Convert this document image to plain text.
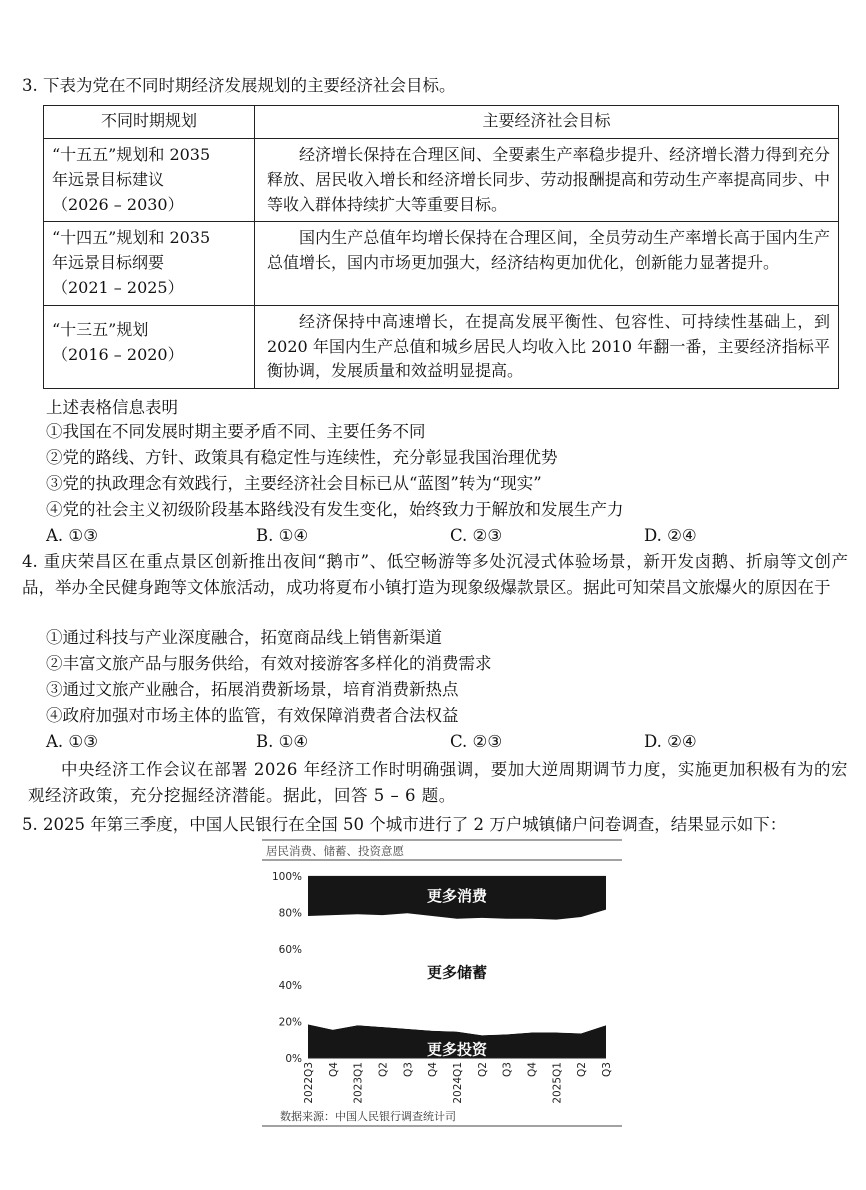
3. 下表为党在不同时期经济发展规划的主要经济社会目标。
不同时期规划	主要经济社会目标

“十五五”规划和 2035
年远景目标建议
（2026 – 2030）	经济增长保持在合理区间、全要素生产率稳步提升、经济增长潜力得到充分释放、居民收入增长和经济增长同步、劳动报酬提高和劳动生产率提高同步、中等收入群体持续扩大等重要目标。

“十四五”规划和 2035
年远景目标纲要
（2021 – 2025）	国内生产总值年均增长保持在合理区间，全员劳动生产率增长高于国内生产总值增长，国内市场更加强大，经济结构更加优化，创新能力显著提升。

“十三五”规划
（2016 – 2020）	经济保持中高速增长，在提高发展平衡性、包容性、可持续性基础上，到 2020 年国内生产总值和城乡居民人均收入比 2010 年翻一番，主要经济指标平衡协调，发展质量和效益明显提高。
上述表格信息表明
①我国在不同发展时期主要矛盾不同、主要任务不同
②党的路线、方针、政策具有稳定性与连续性，充分彰显我国治理优势
③党的执政理念有效践行，主要经济社会目标已从“蓝图”转为“现实”
④党的社会主义初级阶段基本路线没有发生变化，始终致力于解放和发展生产力
A. ①③	B. ①④	C. ②③	D. ②④
4. 重庆荣昌区在重点景区创新推出夜间“鹅市”、低空畅游等多处沉浸式体验场景，新开发卤鹅、折扇等文创产品，举办全民健身跑等文体旅活动，成功将夏布小镇打造为现象级爆款景区。据此可知荣昌文旅爆火的原因在于
①通过科技与产业深度融合，拓宽商品线上销售新渠道
②丰富文旅产品与服务供给，有效对接游客多样化的消费需求
③通过文旅产业融合，拓展消费新场景，培育消费新热点
④政府加强对市场主体的监管，有效保障消费者合法权益
A. ①③	B. ①④	C. ②③	D. ②④
中央经济工作会议在部署 2026 年经济工作时明确强调，要加大逆周期调节力度，实施更加积极有为的宏观经济政策，充分挖掘经济潜能。据此，回答 5 – 6 题。
5. 2025 年第三季度，中国人民银行在全国 50 个城市进行了 2 万户城镇储户问卷调查，结果显示如下：
居民消费、储蓄、投资意愿
0%
20%
40%
60%
80%
100%
更多消费
更多储蓄
更多投资
2022Q3 Q4 2023Q1 Q2 Q3 Q4 2024Q1 Q2 Q3 Q4 2025Q1 Q2 Q3
数据来源：中国人民银行调查统计司
